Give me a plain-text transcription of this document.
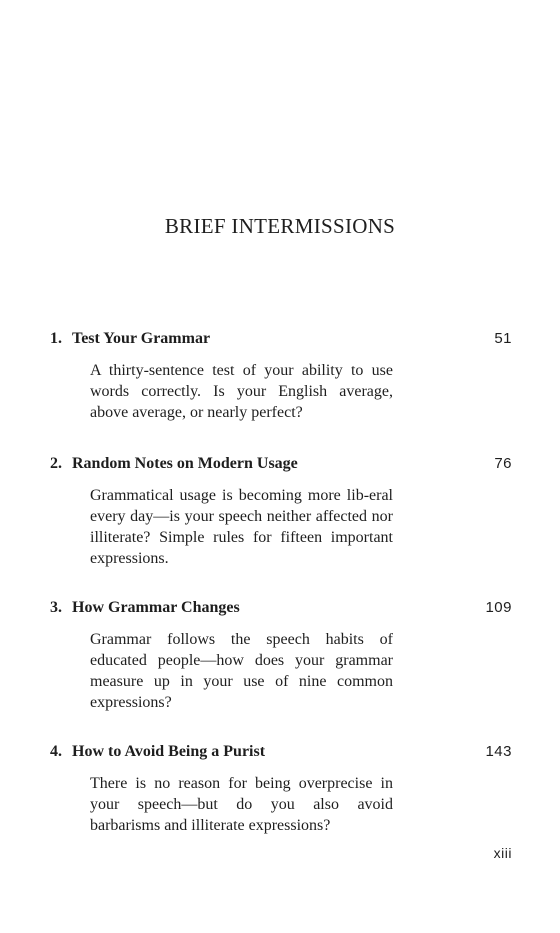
BRIEF INTERMISSIONS
1. Test Your Grammar	51
A thirty-sentence test of your ability to use words correctly. Is your English average, above average, or nearly perfect?
2. Random Notes on Modern Usage	76
Grammatical usage is becoming more lib-eral every day—is your speech neither affected nor illiterate? Simple rules for fifteen important expressions.
3. How Grammar Changes	109
Grammar follows the speech habits of educated people—how does your grammar measure up in your use of nine common expressions?
4. How to Avoid Being a Purist	143
There is no reason for being overprecise in your speech—but do you also avoid barbarisms and illiterate expressions?
xiii
